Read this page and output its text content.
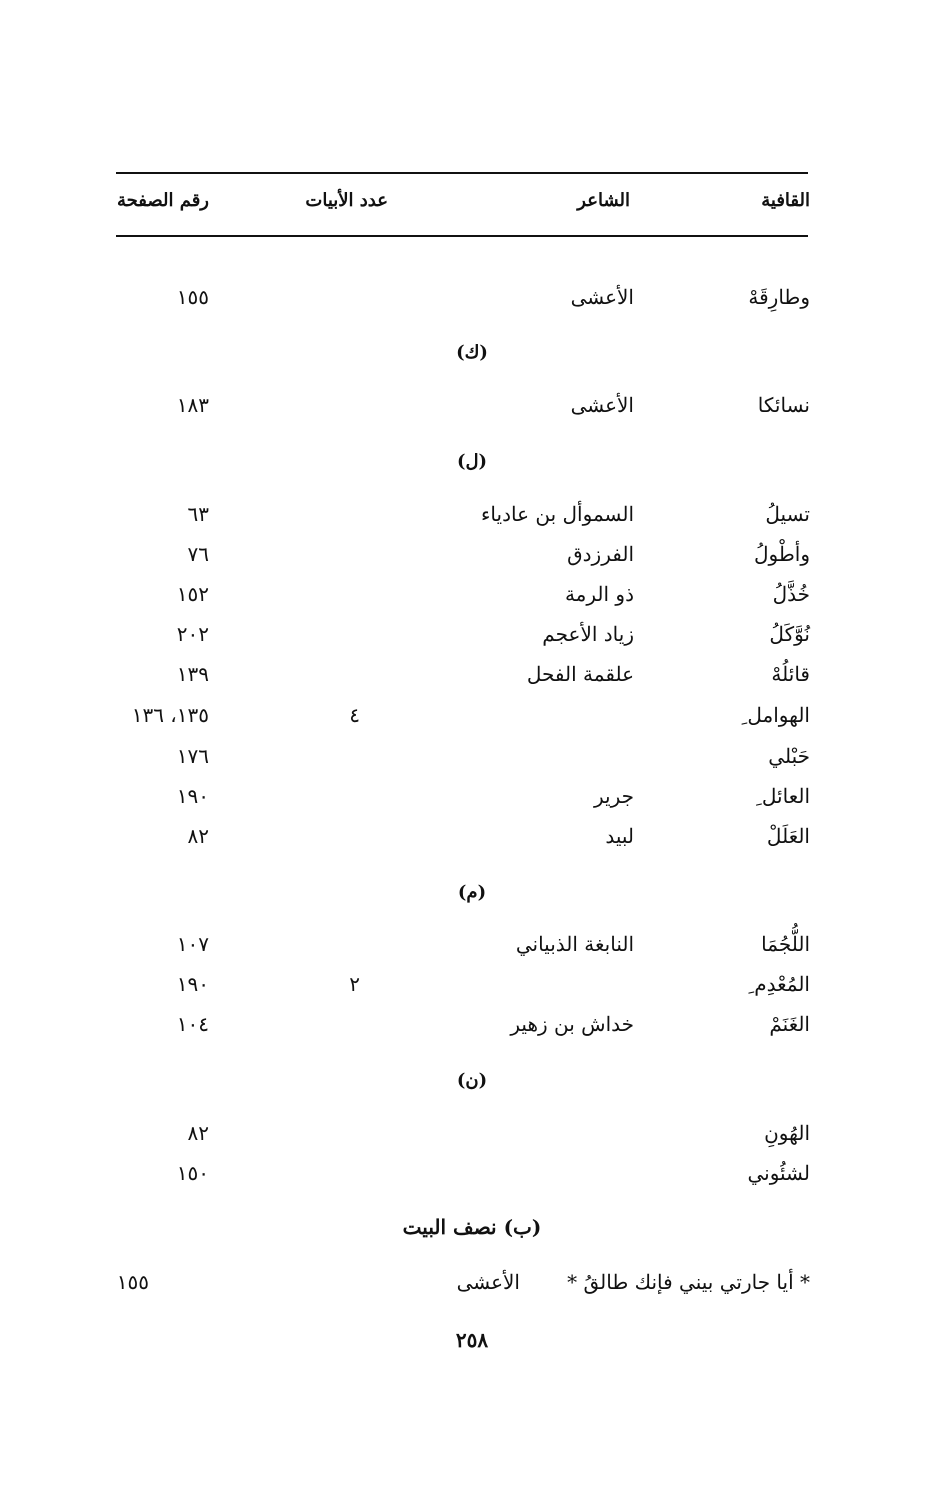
القافية
الشاعر
عدد الأبيات
رقم الصفحة
وطارِقَهْ
الأعشى
١٥٥
(ك)
نسائكا
الأعشى
١٨٣
(ل)
تسيلُ
السموأل بن عادياء
٦٣
وأطْولُ
الفرزدق
٧٦
خُذَّلُ
ذو الرمة
١٥٢
نُوَّكَلُ
زياد الأعجم
٢٠٢
قائلُهْ
علقمة الفحل
١٣٩
الهوامل ِ
٤
١٣٥، ١٣٦
حَبْلي
١٧٦
العائل ِ
جرير
١٩٠
العَلَلْ
لبيد
٨٢
(م)
اللُّجُمَا
النابغة الذبياني
١٠٧
المُعْدِم ِ
٢
١٩٠
الغَنَمْ
خداش بن زهير
١٠٤
(ن)
الهُونِ
٨٢
لشئُوني
١٥٠
(ب) نصف البيت
* أيا جارتي بيني فإنك طالقُ *
الأعشى
١٥٥
٢٥٨
